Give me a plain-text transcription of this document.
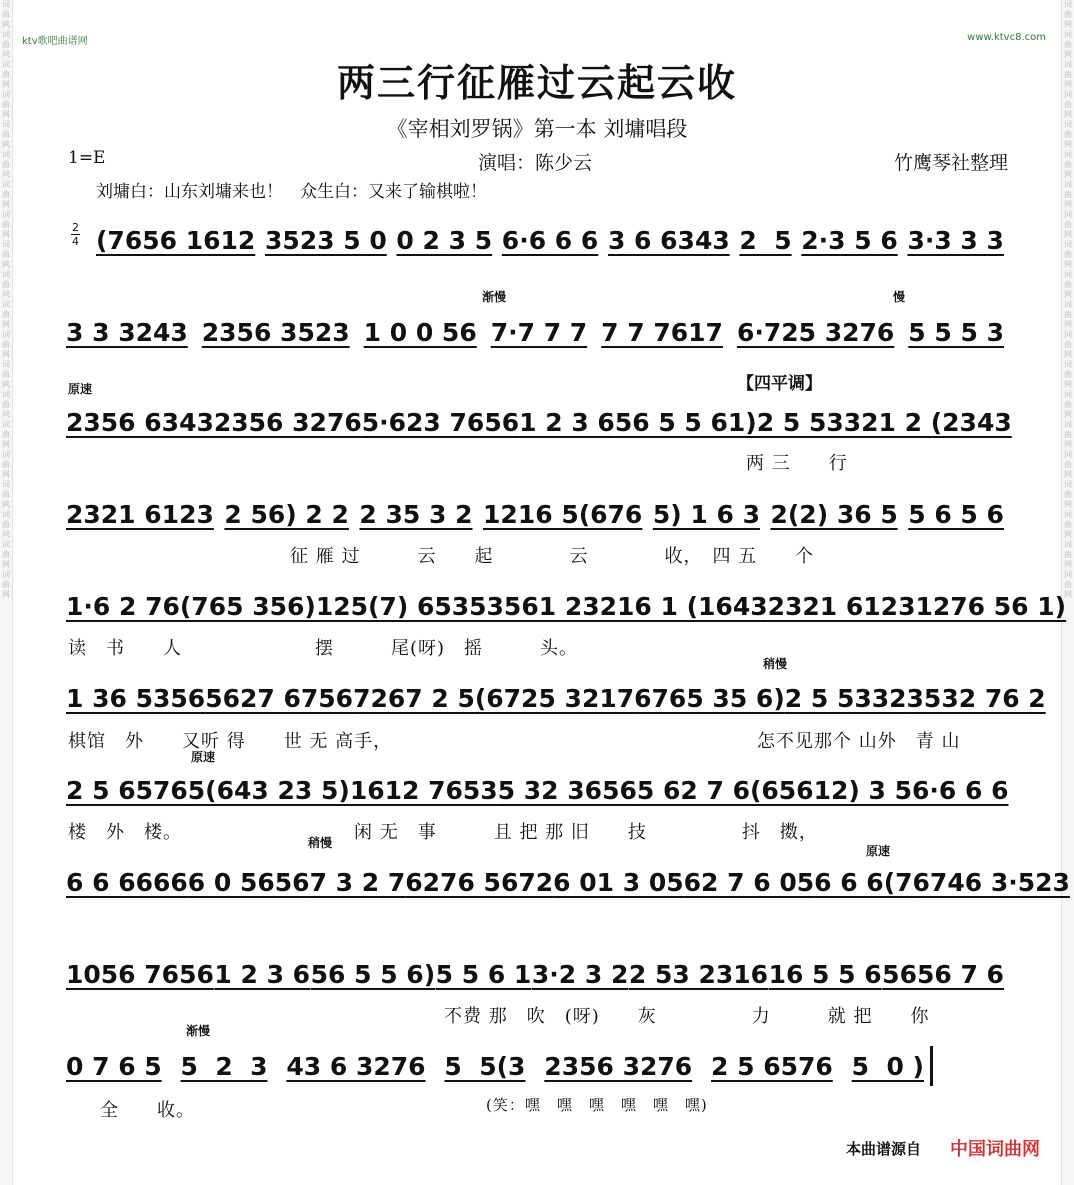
词
曲
网
词
曲
网
词
曲
网
词
曲
网
词
曲
网
词
曲
网
词
曲
网
词
曲
网
词
曲
网
词
曲
网
词
曲
网
词
曲
网
词
曲
网
词
曲
网
词
曲
网
词
曲
网
词
曲
网
词
曲
网
词
曲
网
词
曲
网
词
曲
网
词
曲
网
词
曲
网
词
曲
网
词
曲
网
词
曲
网
词
曲
网
词
曲
网
词
曲
网
词
曲
网
词
曲
网
词
曲
网
词
曲
网
词
曲
网
词
曲
网
词
曲
网
词
曲
网
词
曲
网
词
曲
网
词
曲
网
ktv歌吧曲谱网	www.ktvc8.com
两三行征雁过云起云收
《宰相刘罗锅》第一本 刘墉唱段
1=E	演唱：陈少云	竹鹰琴社整理
刘墉白：山东刘墉来也！　众生白：又来了输棋啦！
2
4
渐慢	慢
原速	【四平调】
稍慢
原速
稍慢
原速
渐慢
(7656 1612 3523 5 0 0 2 3 5 6·6 6 6 3 6 6343 2  5 2·3 5 6 3·3 3 3
3 3 3243 2356 3523 1 0 0 56 7·7 7 7 7 7 7617 6·725 3276 5 5 5 3
2356 6343 2356 3276 5·623 7656 1 2 3 6 56 5 5 61) 2 5 5332 1 2 (2343
两 三　　行
2321 6123 2 56) 2 2 2 35 3 2 1216 5(676 5) 1 6 3 2(2) 36 5 5 6 5 6
征 雁 过　　　云　　起　　　　云　　　　收，　四 五　　个
1·6 2 7 6(765 356) 125(7) 6535 3561 2321 6 1 (1643 2321 6123 1276 56 1)
读　书　　人　　　　　　　摆　　　尾(呀)　摇　　　头。
1 36 5356 5627 6756 7267 2 5 (6725 3217 6765 35 6) 2 5 5332 3532 76 2
棋馆　外　　又听 得　　世 无 高手，	怎不见那个 山外　青 山
2 5 6576 5(643 23 5) 1612 7653 5 32 3656 5 62 7 6 (65612) 3 5 6·6 6 6
楼　外　楼。	闲 无　事　　　且 把 那 旧　　技　　　　　抖　擞，
6 6 6666 6 0 5656 7 3 2 7 6276 5672 6 01 3 05 62 7 6 05 6 6 6(7 6746 3·523
1056 7656 1 2 3 6 56 5 5 6) 5 5 6 1 3·2 3 2 2 53 2316 16 5 5 6 5656 7 6
不费 那　吹　(呀)　　灰　　　　　力　　　就 把　　你
0 7 6 5 5  2  3 43 6 3276 5  5(3 2356 3276 2 5 6576 5  0 )
全　　收。	(笑：嘿　嘿　嘿　嘿　嘿　嘿)
本曲谱源自 中国词曲网
